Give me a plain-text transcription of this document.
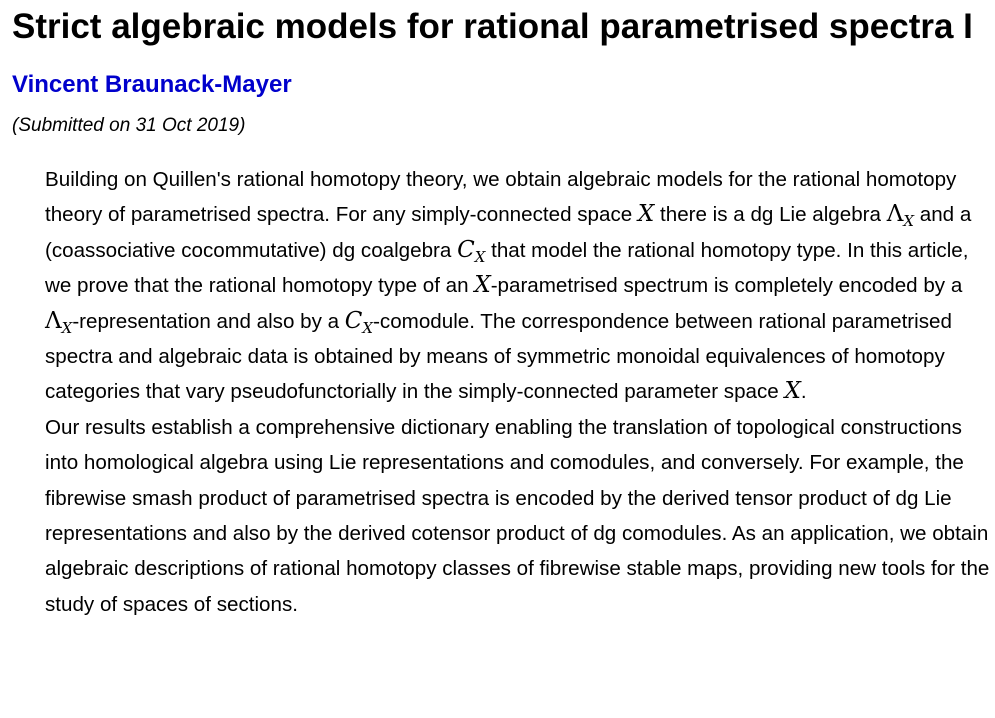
Strict algebraic models for rational parametrised spectra I
Vincent Braunack-Mayer
(Submitted on 31 Oct 2019)

Building on Quillen's rational homotopy theory, we obtain algebraic models for the rational homotopy theory of parametrised spectra. For any simply-connected space X there is a dg Lie algebra $\Lambda_X$ and a (coassociative cocommutative) dg coalgebra $C_X$ that model the rational homotopy type. In this article, we prove that the rational homotopy type of an X-parametrised spectrum is completely encoded by a $\Lambda_X$-representation and also by a $C_X$-comodule. The correspondence between rational parametrised spectra and algebraic data is obtained by means of symmetric monoidal equivalences of homotopy categories that vary pseudofunctorially in the simply-connected parameter space X.

Our results establish a comprehensive dictionary enabling the translation of topological constructions into homological algebra using Lie representations and comodules, and conversely. For example, the fibrewise smash product of parametrised spectra is encoded by the derived tensor product of dg Lie representations and also by the derived cotensor product of dg comodules. As an application, we obtain algebraic descriptions of rational homotopy classes of fibrewise stable maps, providing new tools for the study of spaces of sections.
